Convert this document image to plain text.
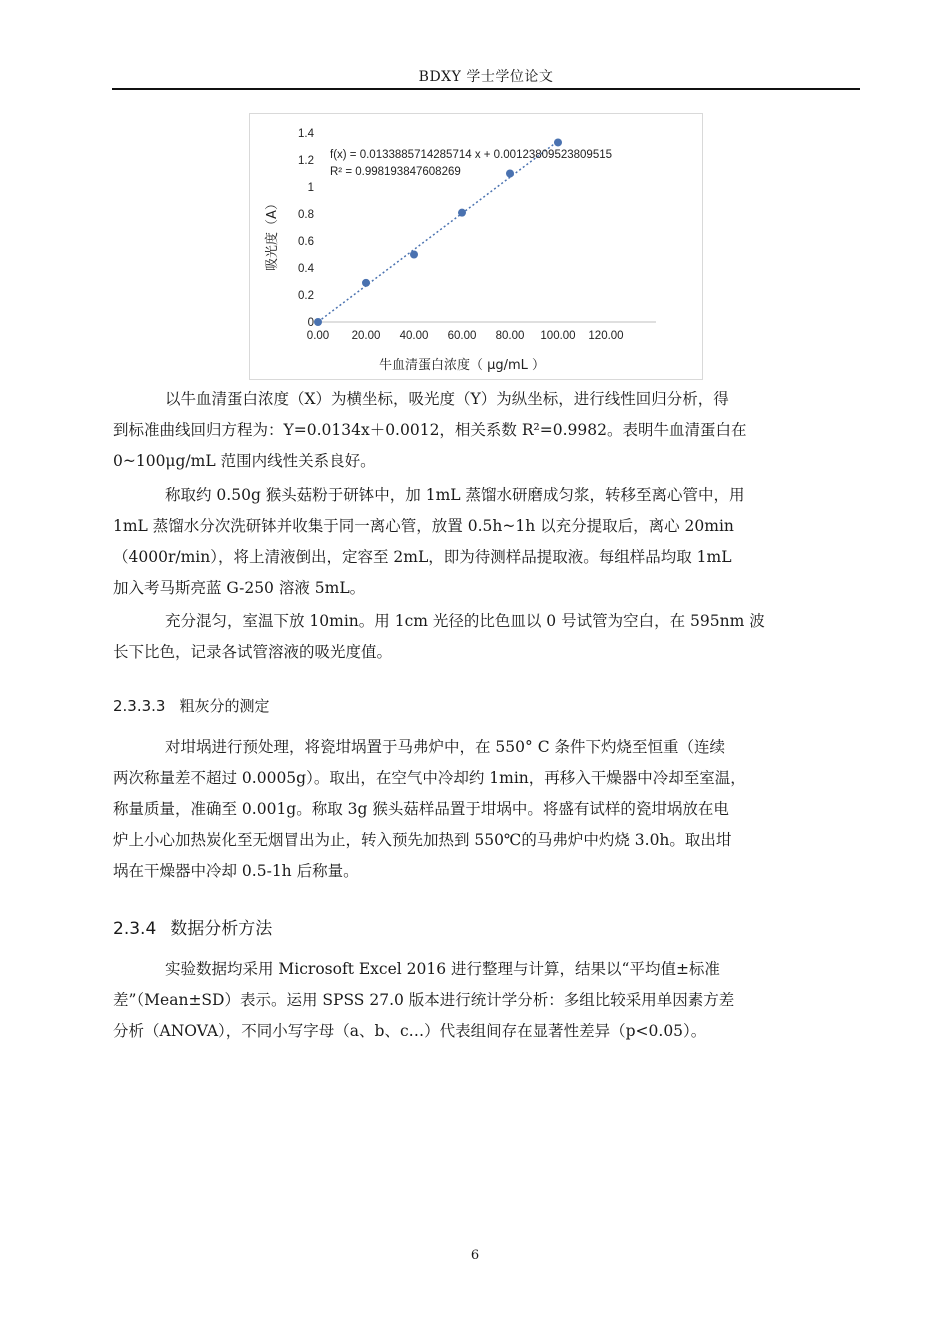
BDXY 学士学位论文
0
0.2
0.4
0.6
0.8
1
1.2
1.4
0.00 20.00 40.00 60.00 80.00 100.00 120.00
f(x) = 0.0133885714285714 x + 0.00123809523809515
R² = 0.998193847608269
牛血清蛋白浓度（ μg/mL ）
吸光度（A）
以牛血清蛋白浓度（X）为横坐标，吸光度（Y）为纵坐标，进行线性回归分析，得
到标准曲线回归方程为：Y=0.0134x＋0.0012，相关系数 R²=0.9982。表明牛血清蛋白在
0~100μg/mL 范围内线性关系良好。
称取约 0.50g 猴头菇粉于研钵中，加 1mL 蒸馏水研磨成匀浆，转移至离心管中，用
1mL 蒸馏水分次洗研钵并收集于同一离心管，放置 0.5h~1h 以充分提取后，离心 20min
（4000r/min），将上清液倒出，定容至 2mL，即为待测样品提取液。每组样品均取 1mL
加入考马斯亮蓝 G-250 溶液 5mL。
充分混匀，室温下放 10min。用 1cm 光径的比色皿以 0 号试管为空白，在 595nm 波
长下比色，记录各试管溶液的吸光度值。
2.3.3.3 粗灰分的测定
对坩埚进行预处理，将瓷坩埚置于马弗炉中，在 550° C 条件下灼烧至恒重（连续
两次称量差不超过 0.0005g）。取出，在空气中冷却约 1min，再移入干燥器中冷却至室温，
称量质量，准确至 0.001g。称取 3g 猴头菇样品置于坩埚中。将盛有试样的瓷坩埚放在电
炉上小心加热炭化至无烟冒出为止，转入预先加热到 550℃的马弗炉中灼烧 3.0h。取出坩
埚在干燥器中冷却 0.5-1h 后称量。
2.3.4 数据分析方法
实验数据均采用 Microsoft Excel 2016 进行整理与计算，结果以“平均值±标准
差”（Mean±SD）表示。运用 SPSS 27.0 版本进行统计学分析：多组比较采用单因素方差
分析（ANOVA），不同小写字母（a、b、c…）代表组间存在显著性差异（p<0.05）。
6
